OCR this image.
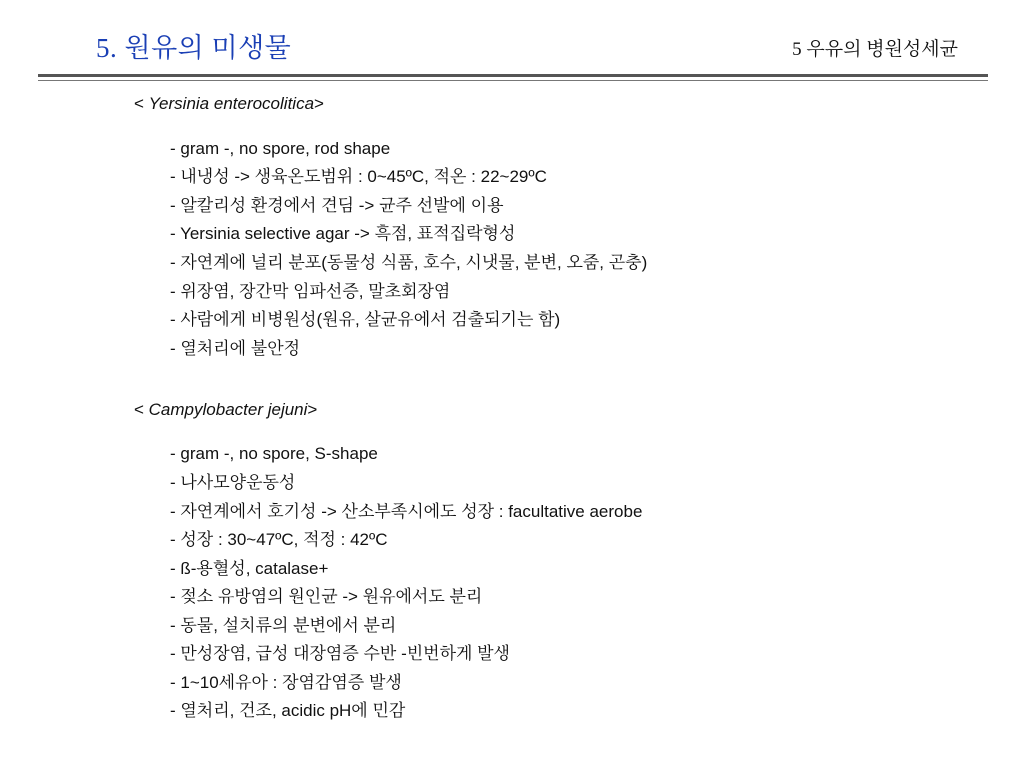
5. 원유의 미생물	5 우유의 병원성세균
< Yersinia enterocolitica>
- gram -, no spore, rod shape
- 내냉성 -> 생육온도범위 : 0~45ºC, 적온 : 22~29ºC
- 알칼리성 환경에서 견딤 -> 균주 선발에 이용
- Yersinia selective agar -> 흑점, 표적집락형성
- 자연계에 널리 분포(동물성 식품, 호수, 시냇물, 분변, 오줌, 곤충)
- 위장염, 장간막 임파선증, 말초회장염
- 사람에게 비병원성(원유, 살균유에서 검출되기는 함)
- 열처리에 불안정
< Campylobacter jejuni>
- gram -, no spore, S-shape
- 나사모양운동성
- 자연계에서 호기성 -> 산소부족시에도 성장 : facultative aerobe
- 성장 : 30~47ºC, 적정 : 42ºC
- ß-용혈성, catalase+
- 젖소 유방염의 원인균 -> 원유에서도 분리
- 동물, 설치류의 분변에서 분리
- 만성장염, 급성 대장염증 수반 -빈번하게 발생
- 1~10세유아 : 장염감염증 발생
- 열처리, 건조, acidic pH에 민감
